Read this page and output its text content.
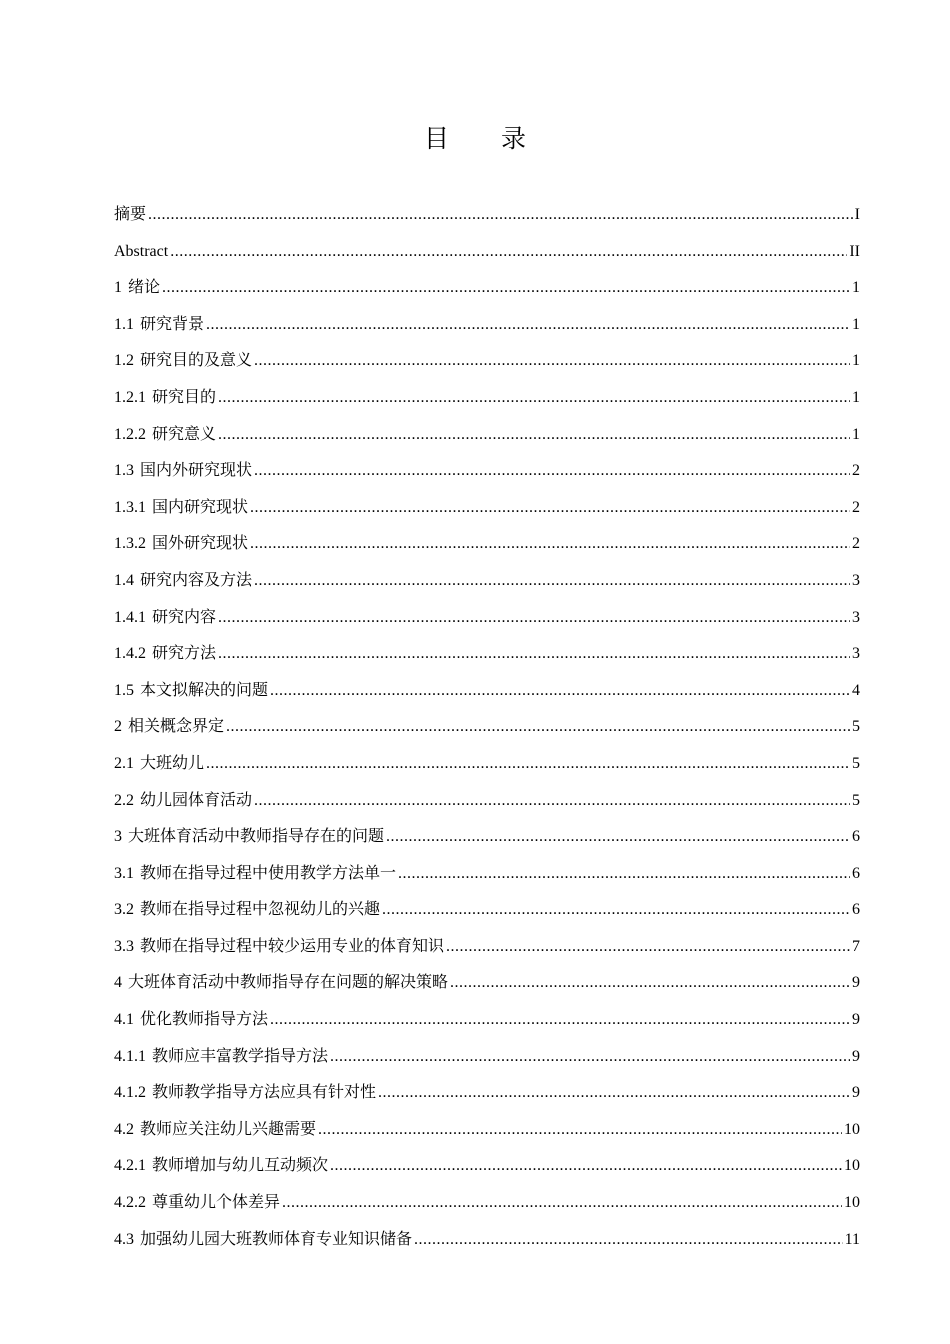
目 录
摘要 .....	I
Abstract .....	II
1 绪论 .....	1
1.1 研究背景 .....	1
1.2 研究目的及意义 .....	1
1.2.1 研究目的 .....	1
1.2.2 研究意义 .....	1
1.3 国内外研究现状 .....	2
1.3.1 国内研究现状 .....	2
1.3.2 国外研究现状 .....	2
1.4 研究内容及方法 .....	3
1.4.1 研究内容 .....	3
1.4.2 研究方法 .....	3
1.5 本文拟解决的问题 .....	4
2 相关概念界定 .....	5
2.1 大班幼儿 .....	5
2.2 幼儿园体育活动 .....	5
3 大班体育活动中教师指导存在的问题 .....	6
3.1 教师在指导过程中使用教学方法单一 .....	6
3.2 教师在指导过程中忽视幼儿的兴趣 .....	6
3.3 教师在指导过程中较少运用专业的体育知识 .....	7
4 大班体育活动中教师指导存在问题的解决策略 .....	9
4.1 优化教师指导方法 .....	9
4.1.1 教师应丰富教学指导方法 .....	9
4.1.2 教师教学指导方法应具有针对性 .....	9
4.2 教师应关注幼儿兴趣需要 .....	10
4.2.1 教师增加与幼儿互动频次 .....	10
4.2.2 尊重幼儿个体差异 .....	10
4.3 加强幼儿园大班教师体育专业知识储备 .....	11
